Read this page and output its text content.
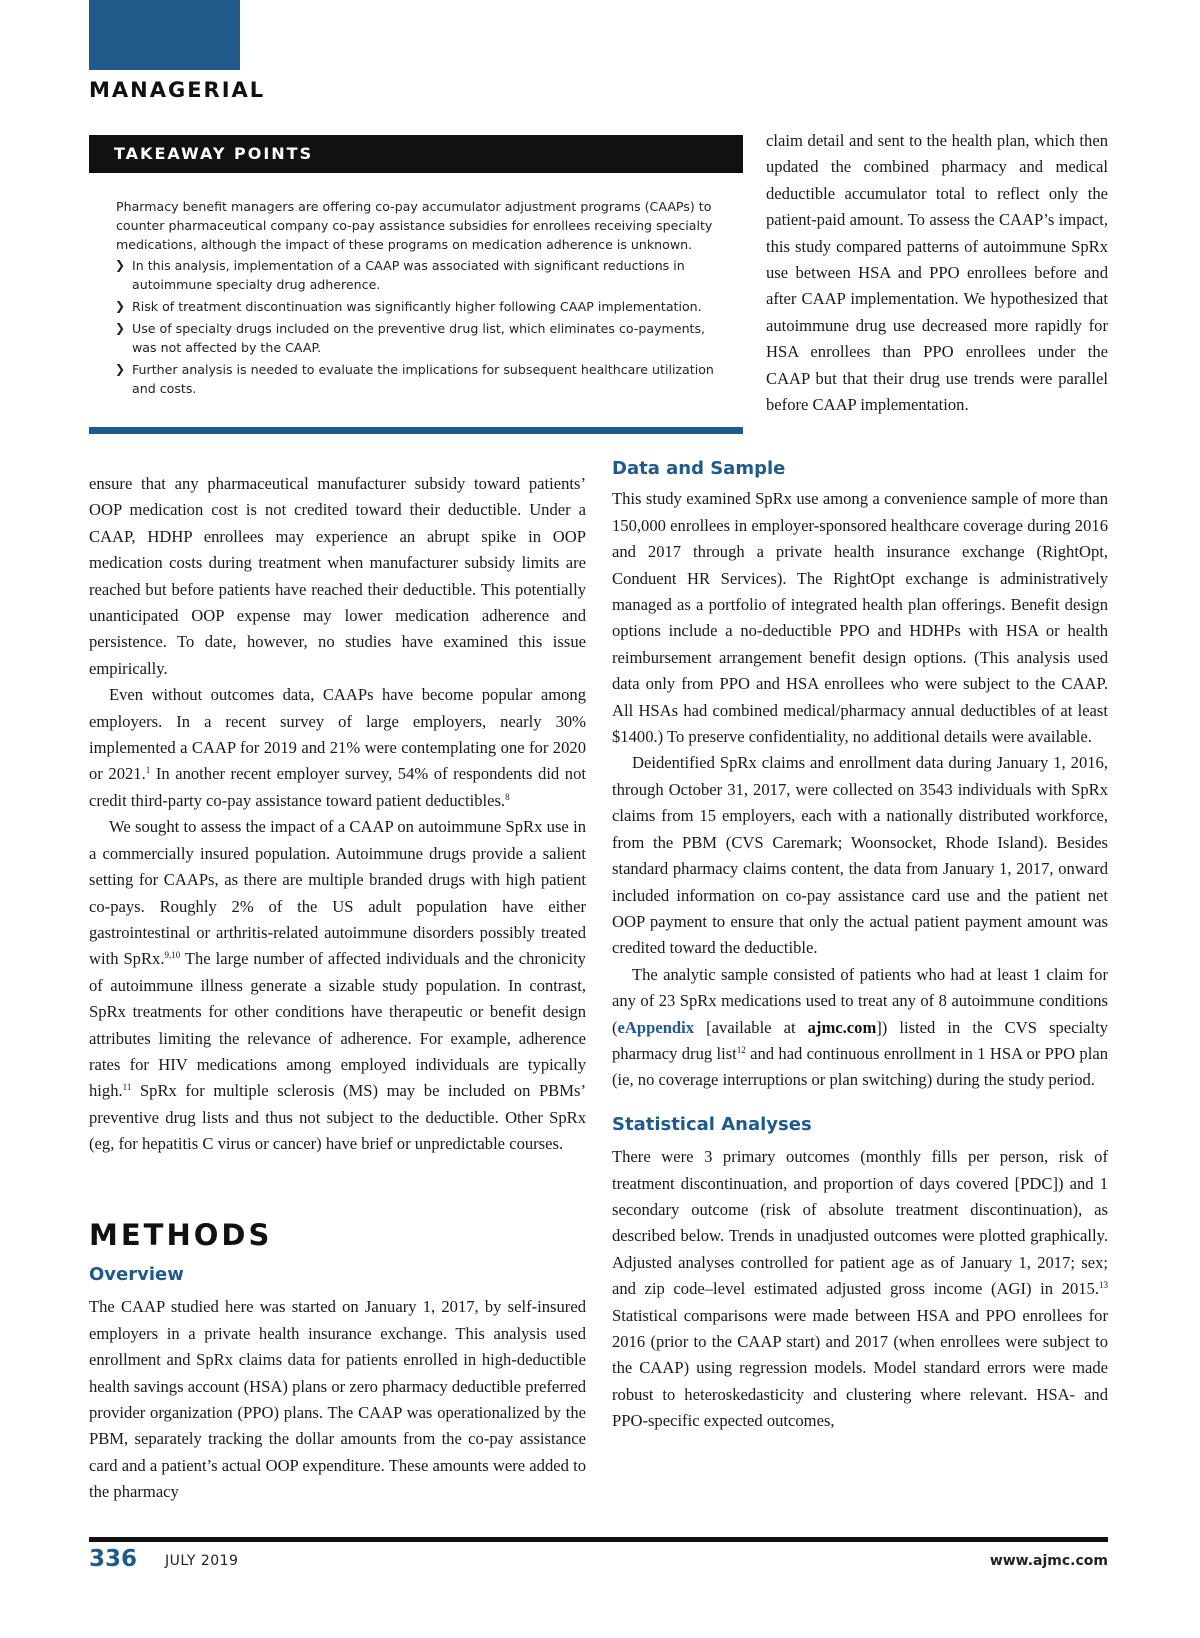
MANAGERIAL
TAKEAWAY POINTS

Pharmacy benefit managers are offering co-pay accumulator adjustment programs (CAAPs) to counter pharmaceutical company co-pay assistance subsidies for enrollees receiving specialty medications, although the impact of these programs on medication adherence is unknown.

❯ In this analysis, implementation of a CAAP was associated with significant reductions in autoimmune specialty drug adherence.
❯ Risk of treatment discontinuation was significantly higher following CAAP implementation.
❯ Use of specialty drugs included on the preventive drug list, which eliminates co-payments, was not affected by the CAAP.
❯ Further analysis is needed to evaluate the implications for subsequent healthcare utilization and costs.

claim detail and sent to the health plan, which then updated the combined pharmacy and medical deductible accumulator total to reflect only the patient-paid amount. To assess the CAAP’s impact, this study compared patterns of autoimmune SpRx use between HSA and PPO enrollees before and after CAAP implementation. We hypothesized that autoimmune drug use decreased more rapidly for HSA enrollees than PPO enrollees under the CAAP but that their drug use trends were parallel before CAAP implementation.

ensure that any pharmaceutical manufacturer subsidy toward patients’ OOP medication cost is not credited toward their deductible. Under a CAAP, HDHP enrollees may experience an abrupt spike in OOP medication costs during treatment when manufacturer subsidy limits are reached but before patients have reached their deductible. This potentially unanticipated OOP expense may lower medication adherence and persistence. To date, however, no studies have examined this issue empirically.

Even without outcomes data, CAAPs have become popular among employers. In a recent survey of large employers, nearly 30% implemented a CAAP for 2019 and 21% were contemplating one for 2020 or 2021.$^1$ In another recent employer survey, 54% of respondents did not credit third-party co-pay assistance toward patient deductibles.$^8$

We sought to assess the impact of a CAAP on autoimmune SpRx use in a commercially insured population. Autoimmune drugs provide a salient setting for CAAPs, as there are multiple branded drugs with high patient co-pays. Roughly 2% of the US adult population have either gastrointestinal or arthritis-related autoimmune disorders possibly treated with SpRx.$^{9,10}$ The large number of affected individuals and the chronicity of autoimmune illness generate a sizable study population. In contrast, SpRx treatments for other conditions have therapeutic or benefit design attributes limiting the relevance of adherence. For example, adherence rates for HIV medications among employed individuals are typically high.$^{11}$ SpRx for multiple sclerosis (MS) may be included on PBMs’ preventive drug lists and thus not subject to the deductible. Other SpRx (eg, for hepatitis C virus or cancer) have brief or unpredictable courses.

METHODS
Overview

The CAAP studied here was started on January 1, 2017, by self-insured employers in a private health insurance exchange. This analysis used enrollment and SpRx claims data for patients enrolled in high-deductible health savings account (HSA) plans or zero pharmacy deductible preferred provider organization (PPO) plans. The CAAP was operationalized by the PBM, separately tracking the dollar amounts from the co-pay assistance card and a patient’s actual OOP expenditure. These amounts were added to the pharmacy

Data and Sample

This study examined SpRx use among a convenience sample of more than 150,000 enrollees in employer-sponsored healthcare coverage during 2016 and 2017 through a private health insurance exchange (RightOpt, Conduent HR Services). The RightOpt exchange is administratively managed as a portfolio of integrated health plan offerings. Benefit design options include a no-deductible PPO and HDHPs with HSA or health reimbursement arrangement benefit design options. (This analysis used data only from PPO and HSA enrollees who were subject to the CAAP. All HSAs had combined medical/pharmacy annual deductibles of at least $1400.) To preserve confidentiality, no additional details were available.

Deidentified SpRx claims and enrollment data during January 1, 2016, through October 31, 2017, were collected on 3543 individuals with SpRx claims from 15 employers, each with a nationally distributed workforce, from the PBM (CVS Caremark; Woonsocket, Rhode Island). Besides standard pharmacy claims content, the data from January 1, 2017, onward included information on co-pay assistance card use and the patient net OOP payment to ensure that only the actual patient payment amount was credited toward the deductible.

The analytic sample consisted of patients who had at least 1 claim for any of 23 SpRx medications used to treat any of 8 autoimmune conditions (eAppendix [available at ajmc.com]) listed in the CVS specialty pharmacy drug list$^{12}$ and had continuous enrollment in 1 HSA or PPO plan (ie, no coverage interruptions or plan switching) during the study period.

Statistical Analyses

There were 3 primary outcomes (monthly fills per person, risk of treatment discontinuation, and proportion of days covered [PDC]) and 1 secondary outcome (risk of absolute treatment discontinuation), as described below. Trends in unadjusted outcomes were plotted graphically. Adjusted analyses controlled for patient age as of January 1, 2017; sex; and zip code–level estimated adjusted gross income (AGI) in 2015.13 Statistical comparisons were made between HSA and PPO enrollees for 2016 (prior to the CAAP start) and 2017 (when enrollees were subject to the CAAP) using regression models. Model standard errors were made robust to heteroskedasticity and clustering where relevant. HSA- and PPO-specific expected outcomes,

336 JULY 2019	www.ajmc.com
